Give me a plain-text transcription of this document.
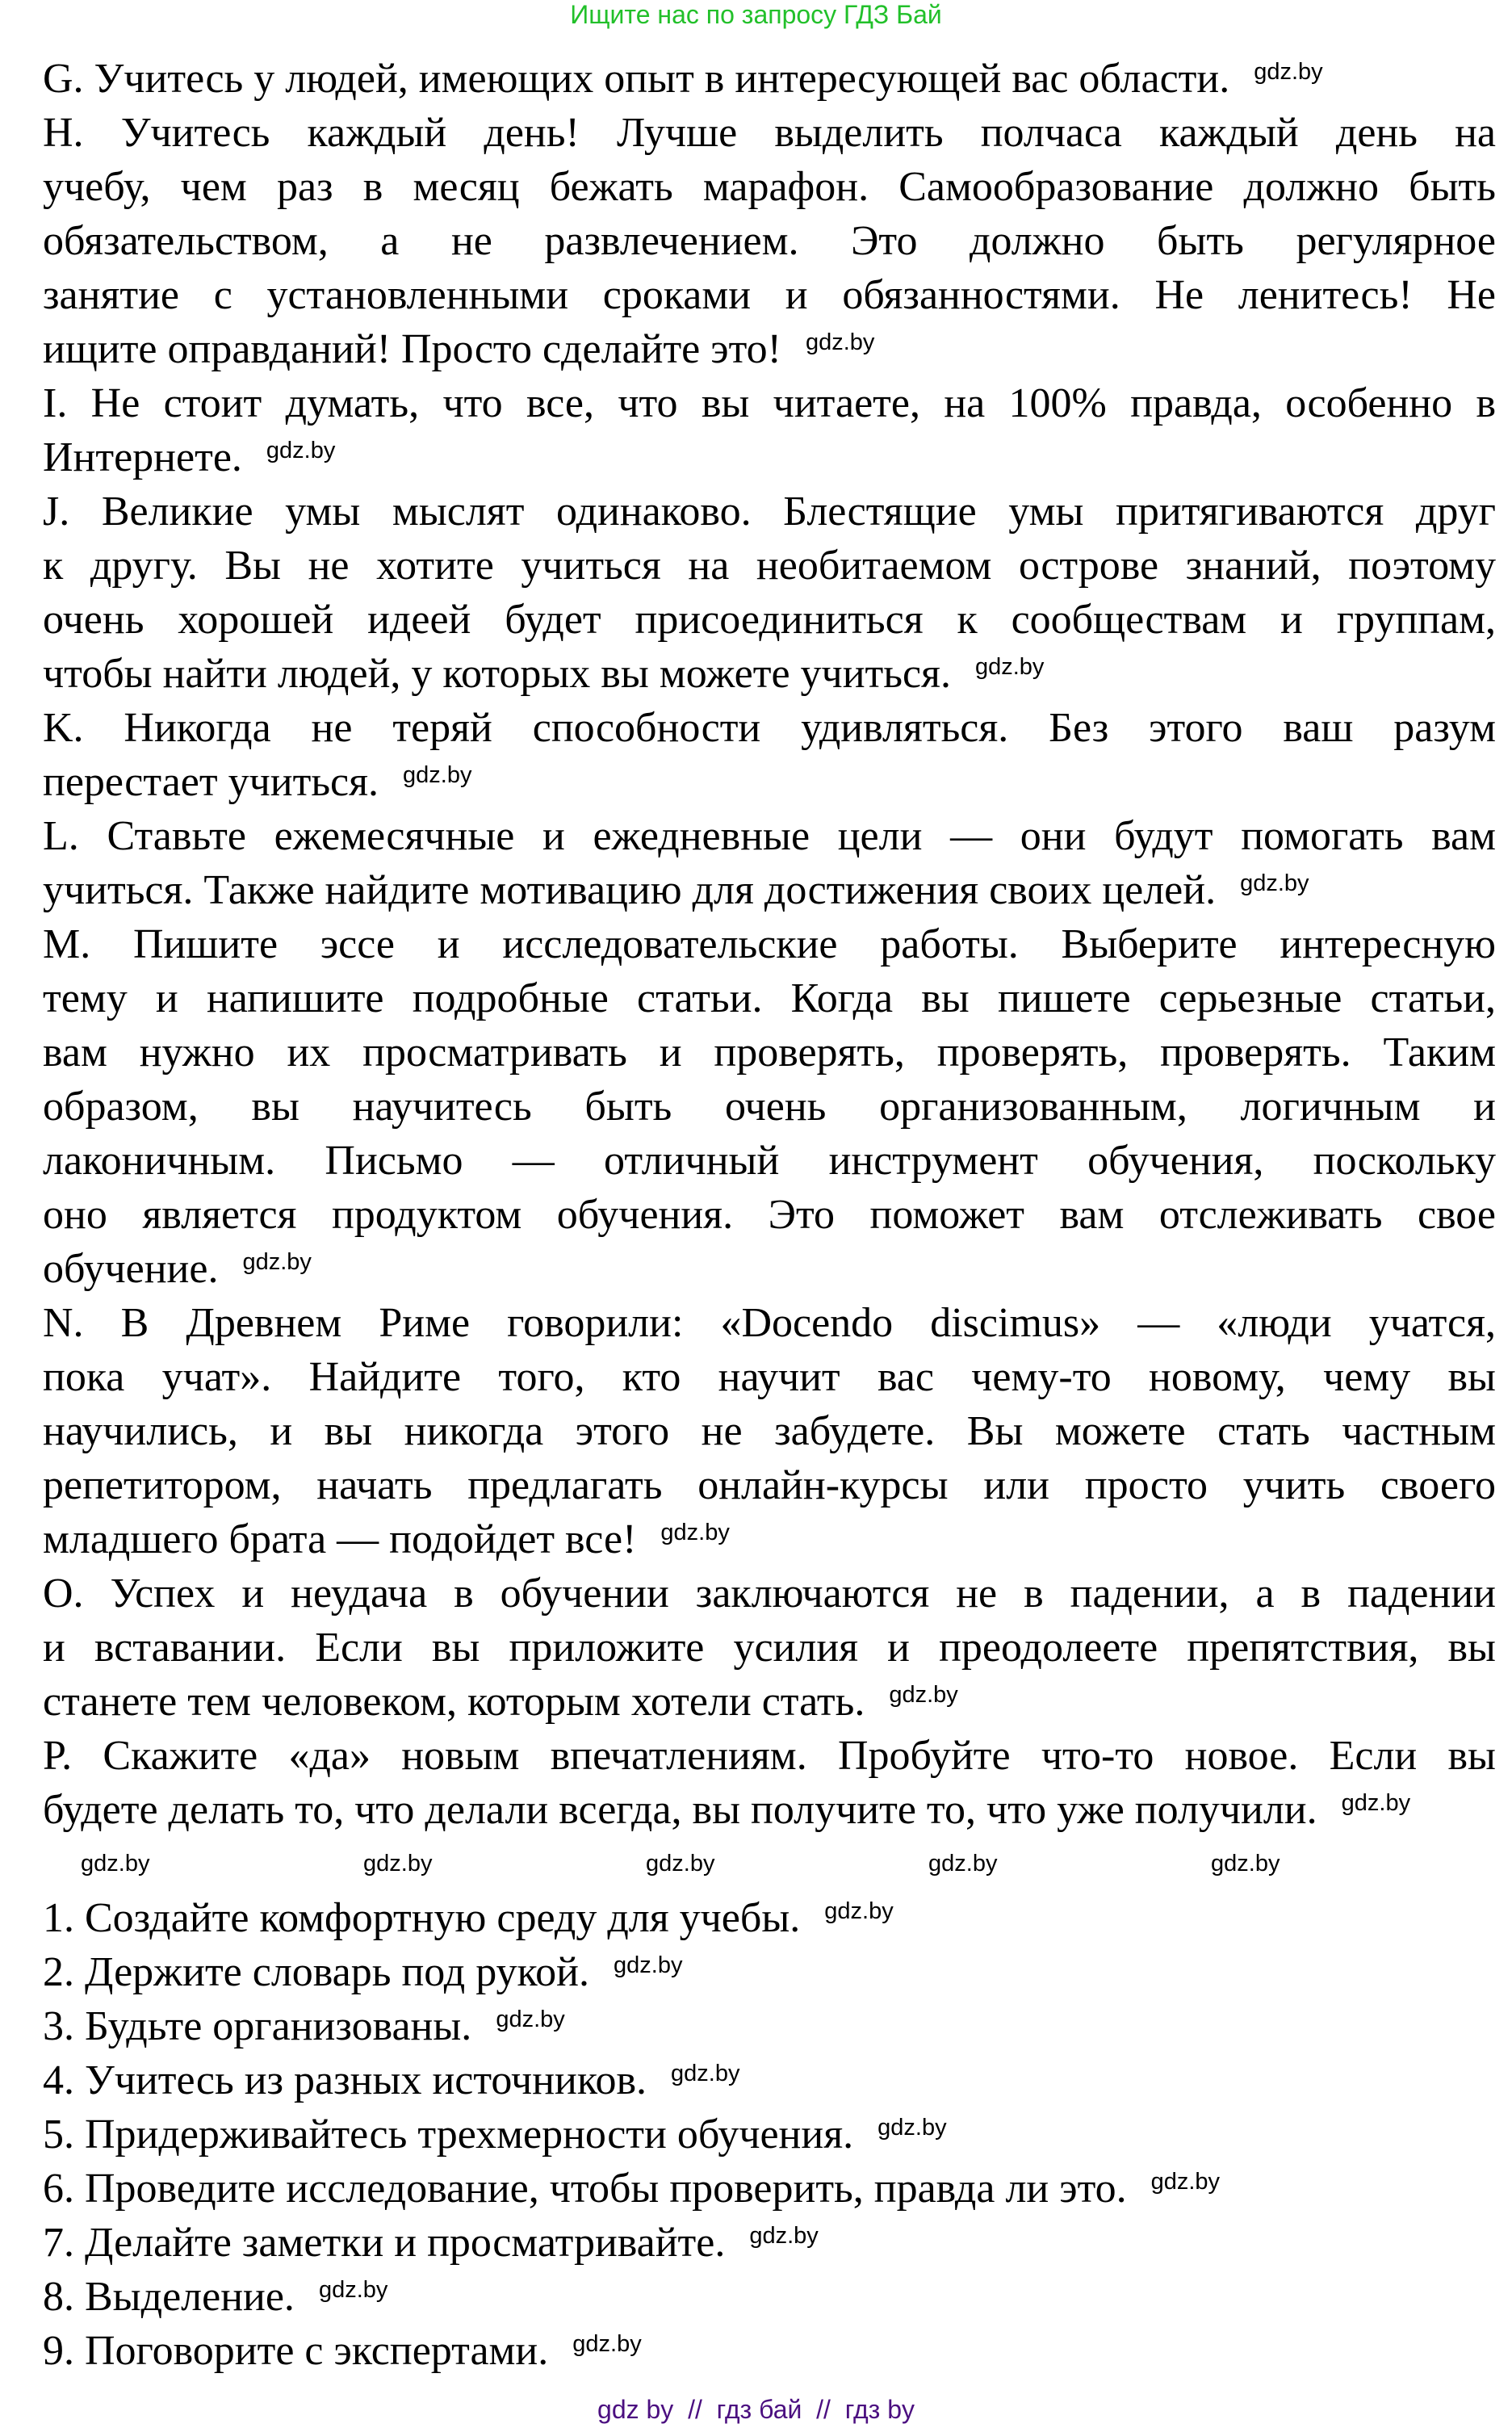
Ищите нас по запросу ГДЗ Бай
G. Учитесь у людей, имеющих опыт в интересующей вас области.
H. Учитесь каждый день! Лучше выделить полчаса каждый день на
учебу, чем раз в месяц бежать марафон. Самообразование должно быть
обязательством, а не развлечением. Это должно быть регулярное
занятие с установленными сроками и обязанностями. Не ленитесь! Не
ищите оправданий! Просто сделайте это!
I. Не стоит думать, что все, что вы читаете, на 100% правда, особенно в
Интернете.
J. Великие умы мыслят одинаково. Блестящие умы притягиваются друг
к другу. Вы не хотите учиться на необитаемом острове знаний, поэтому
очень хорошей идеей будет присоединиться к сообществам и группам,
чтобы найти людей, у которых вы можете учиться.
K. Никогда не теряй способности удивляться. Без этого ваш разум
перестает учиться.
L. Ставьте ежемесячные и ежедневные цели — они будут помогать вам
учиться. Также найдите мотивацию для достижения своих целей.
M. Пишите эссе и исследовательские работы. Выберите интересную
тему и напишите подробные статьи. Когда вы пишете серьезные статьи,
вам нужно их просматривать и проверять, проверять, проверять. Таким
образом, вы научитесь быть очень организованным, логичным и
лаконичным. Письмо — отличный инструмент обучения, поскольку
оно является продуктом обучения. Это поможет вам отслеживать свое
обучение.
N. В Древнем Риме говорили: «Docendo discimus» — «люди учатся,
пока учат». Найдите того, кто научит вас чему-то новому, чему вы
научились, и вы никогда этого не забудете. Вы можете стать частным
репетитором, начать предлагать онлайн-курсы или просто учить своего
младшего брата — подойдет все!
O. Успех и неудача в обучении заключаются не в падении, а в падении
и вставании. Если вы приложите усилия и преодолеете препятствия, вы
станете тем человеком, которым хотели стать.
P. Скажите «да» новым впечатлениям. Пробуйте что-то новое. Если вы
будете делать то, что делали всегда, вы получите то, что уже получили.
1. Создайте комфортную среду для учебы.
2. Держите словарь под рукой.
3. Будьте организованы.
4. Учитесь из разных источников.
5. Придерживайтесь трехмерности обучения.
6. Проведите исследование, чтобы проверить, правда ли это.
7. Делайте заметки и просматривайте.
8. Выделение.
9. Поговорите с экспертами.
gdz by  //  гдз бай  //  гдз by
gdz.by
gdz.by
gdz.by
gdz.by
gdz.by
gdz.by
gdz.by
gdz.by
gdz.by
gdz.by
gdz.by
gdz.by
gdz.by
gdz.by
gdz.by
gdz.by
gdz.by
gdz.by
gdz.by
gdz.by	gdz.by	gdz.by	gdz.by	gdz.by
